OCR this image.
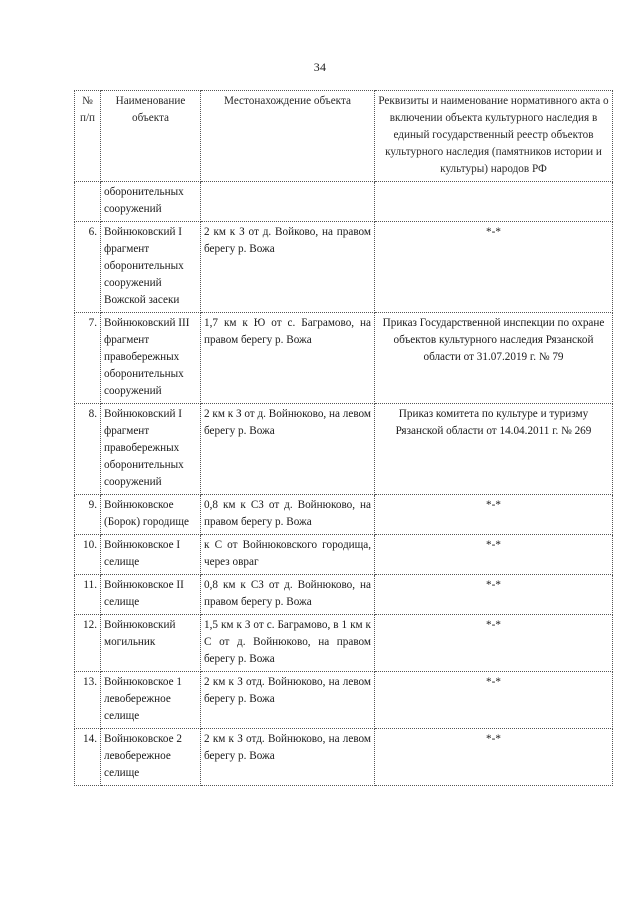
34
№ п/п	Наименование объекта	Местонахождение объекта	Реквизиты и наименование нормативного акта о включении объекта культурного наследия в единый государственный реестр объектов культурного наследия (памятников истории и культуры) народов РФ
	оборонительных сооружений		
6.	Войнюковский I фрагмент оборонительных сооружений Вожской засеки	2 км к З от д. Войково, на правом берегу р. Вожа	*-*
7.	Войнюковский III фрагмент правобережных оборонительных сооружений	1,7 км к Ю от с. Баграмово, на правом берегу р. Вожа	Приказ Государственной инспекции по охране объектов культурного наследия Рязанской области от 31.07.2019 г. № 79
8.	Войнюковский I фрагмент правобережных оборонительных сооружений	2 км к З от д. Войнюково, на левом берегу р. Вожа	Приказ комитета по культуре и туризму Рязанской области от 14.04.2011 г. № 269
9.	Войнюковское (Борок) городище	0,8 км к СЗ от д. Войнюково, на правом берегу р. Вожа	*-*
10.	Войнюковское I селище	к С от Войнюковского городища, через овраг	*-*
11.	Войнюковское II селище	0,8 км к СЗ от д. Войнюково, на правом берегу р. Вожа	*-*
12.	Войнюковский могильник	1,5 км к З от с. Баграмово, в 1 км к С от д. Войнюково, на правом берегу р. Вожа	*-*
13.	Войнюковское 1 левобережное селище	2 км к З отд. Войнюково, на левом берегу р. Вожа	*-*
14.	Войнюковское 2 левобережное селище	2 км к З отд. Войнюково, на левом берегу р. Вожа	*-*
